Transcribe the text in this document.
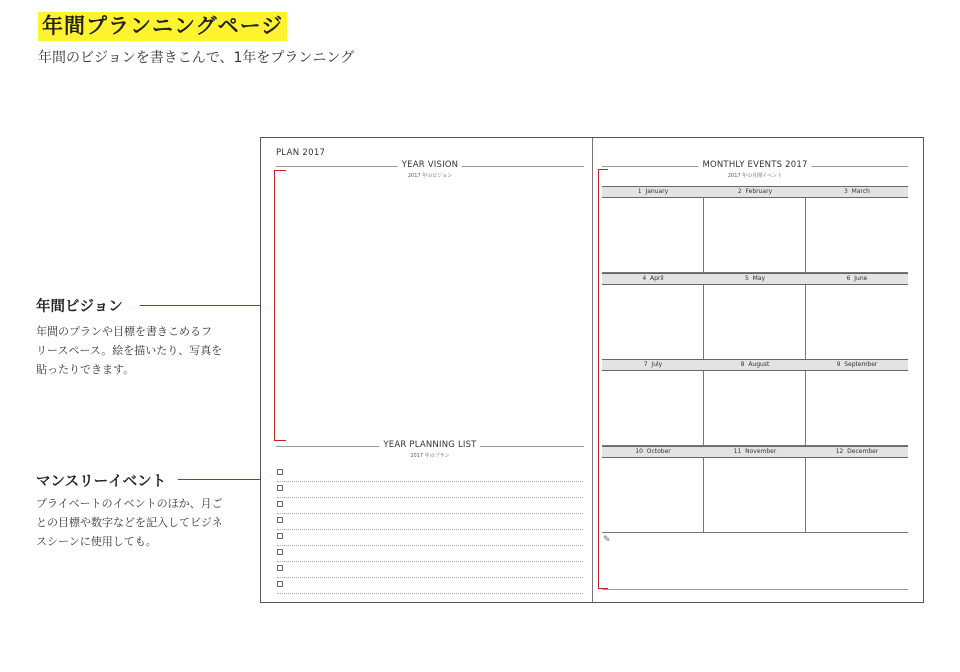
年間プランニングページ
年間のビジョンを書きこんで、1年をプランニング
年間ビジョン
年間のプランや目標を書きこめるフ
リースペース。絵を描いたり、写真を
貼ったりできます。
マンスリーイベント
プライベートのイベントのほか、月ご
との目標や数字などを記入してビジネ
スシーンに使用しても。
PLAN 2017
YEAR VISION
2017 年のビジョン
YEAR PLANNING LIST
2017 年のプラン
MONTHLY EVENTS 2017
2017 年の月間イベント
1 January	2 February	3 March
4 April	5 May	6 June
7 July	8 August	9 September
10 October	11 November	12 December
✎
